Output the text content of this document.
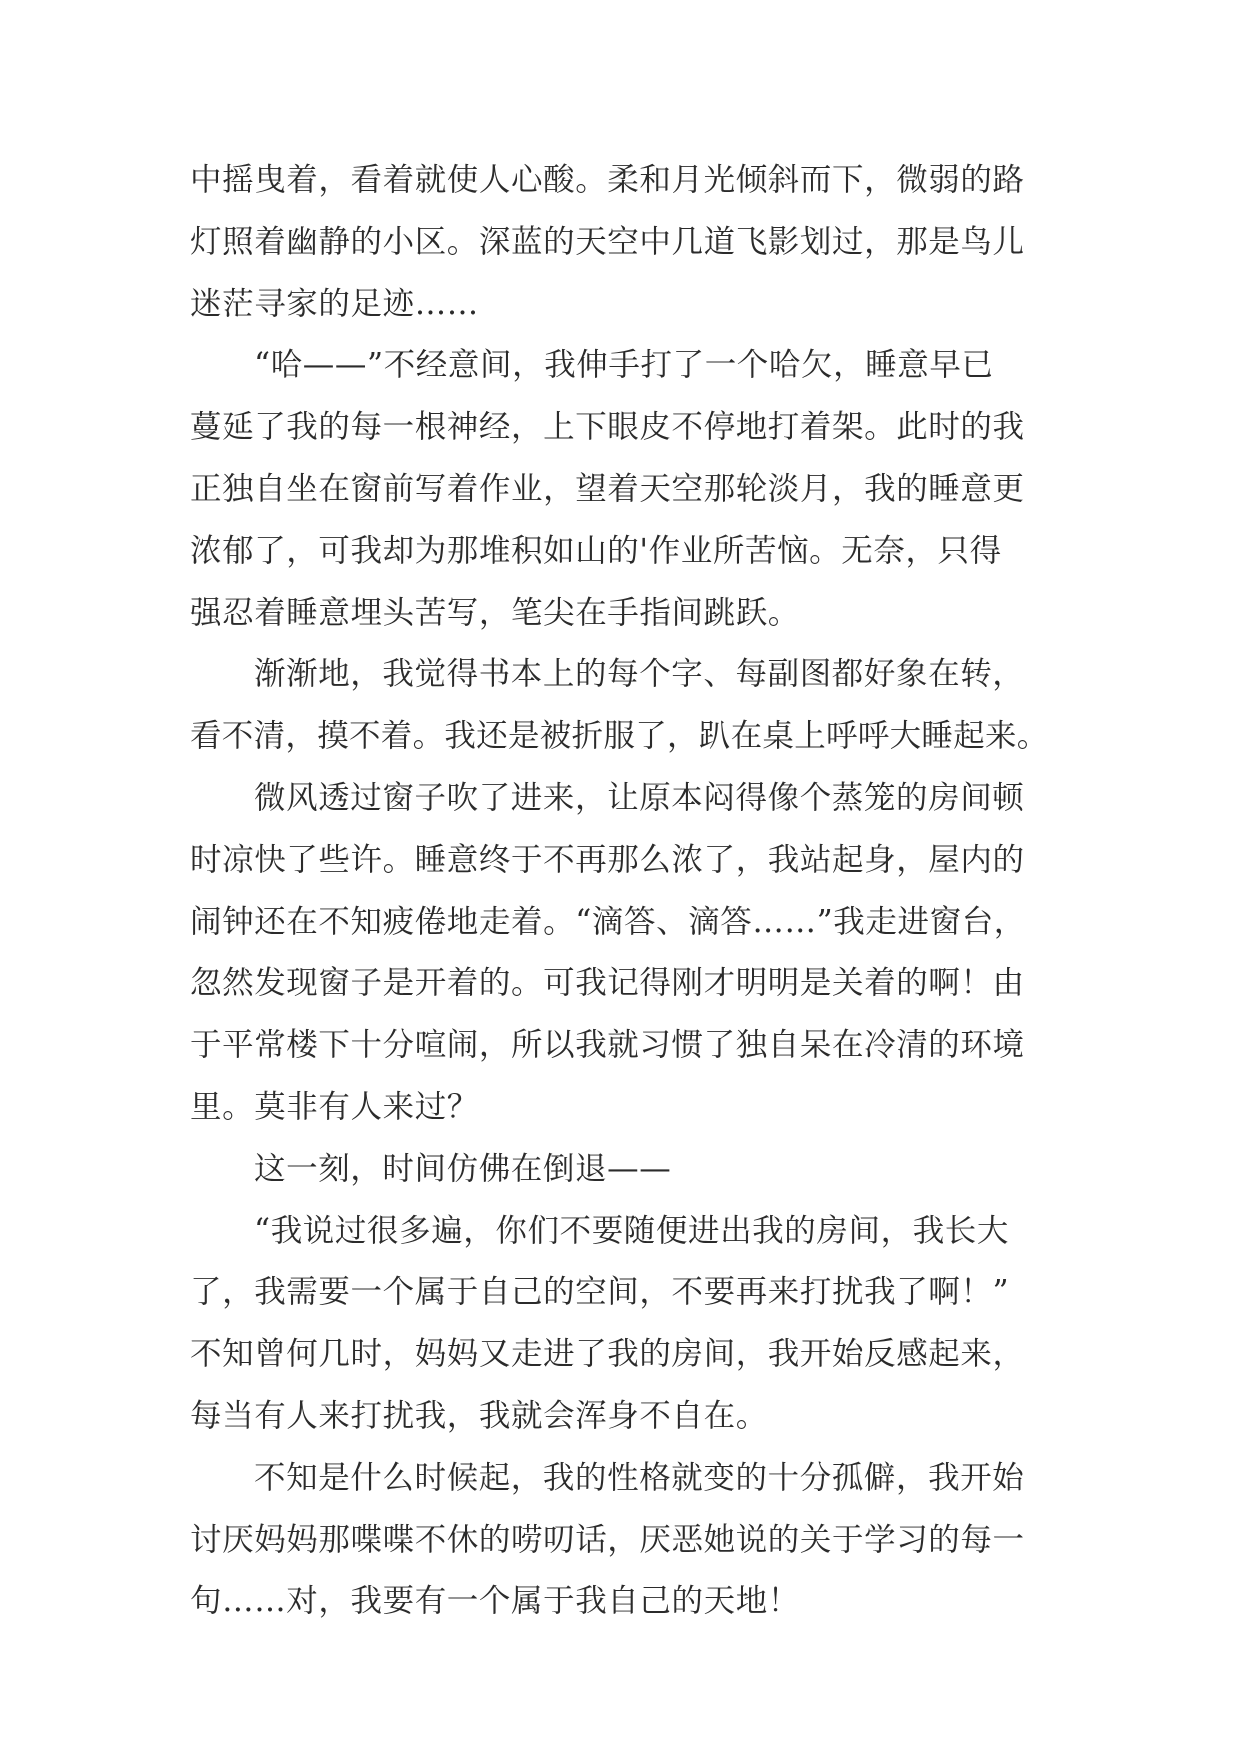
中摇曳着，看着就使人心酸。柔和月光倾斜而下，微弱的路
灯照着幽静的小区。深蓝的天空中几道飞影划过，那是鸟儿
迷茫寻家的足迹……

“哈——”不经意间，我伸手打了一个哈欠，睡意早已
蔓延了我的每一根神经，上下眼皮不停地打着架。此时的我
正独自坐在窗前写着作业，望着天空那轮淡月，我的睡意更
浓郁了，可我却为那堆积如山的'作业所苦恼。无奈，只得
强忍着睡意埋头苦写，笔尖在手指间跳跃。

渐渐地，我觉得书本上的每个字、每副图都好象在转，
看不清，摸不着。我还是被折服了，趴在桌上呼呼大睡起来。

微风透过窗子吹了进来，让原本闷得像个蒸笼的房间顿
时凉快了些许。睡意终于不再那么浓了，我站起身，屋内的
闹钟还在不知疲倦地走着。“滴答、滴答……”我走进窗台，
忽然发现窗子是开着的。可我记得刚才明明是关着的啊！由
于平常楼下十分喧闹，所以我就习惯了独自呆在冷清的环境
里。莫非有人来过？

这一刻，时间仿佛在倒退——

“我说过很多遍，你们不要随便进出我的房间，我长大
了，我需要一个属于自己的空间，不要再来打扰我了啊！”
不知曾何几时，妈妈又走进了我的房间，我开始反感起来，
每当有人来打扰我，我就会浑身不自在。

不知是什么时候起，我的性格就变的十分孤僻，我开始
讨厌妈妈那喋喋不休的唠叨话，厌恶她说的关于学习的每一
句……对，我要有一个属于我自己的天地！
